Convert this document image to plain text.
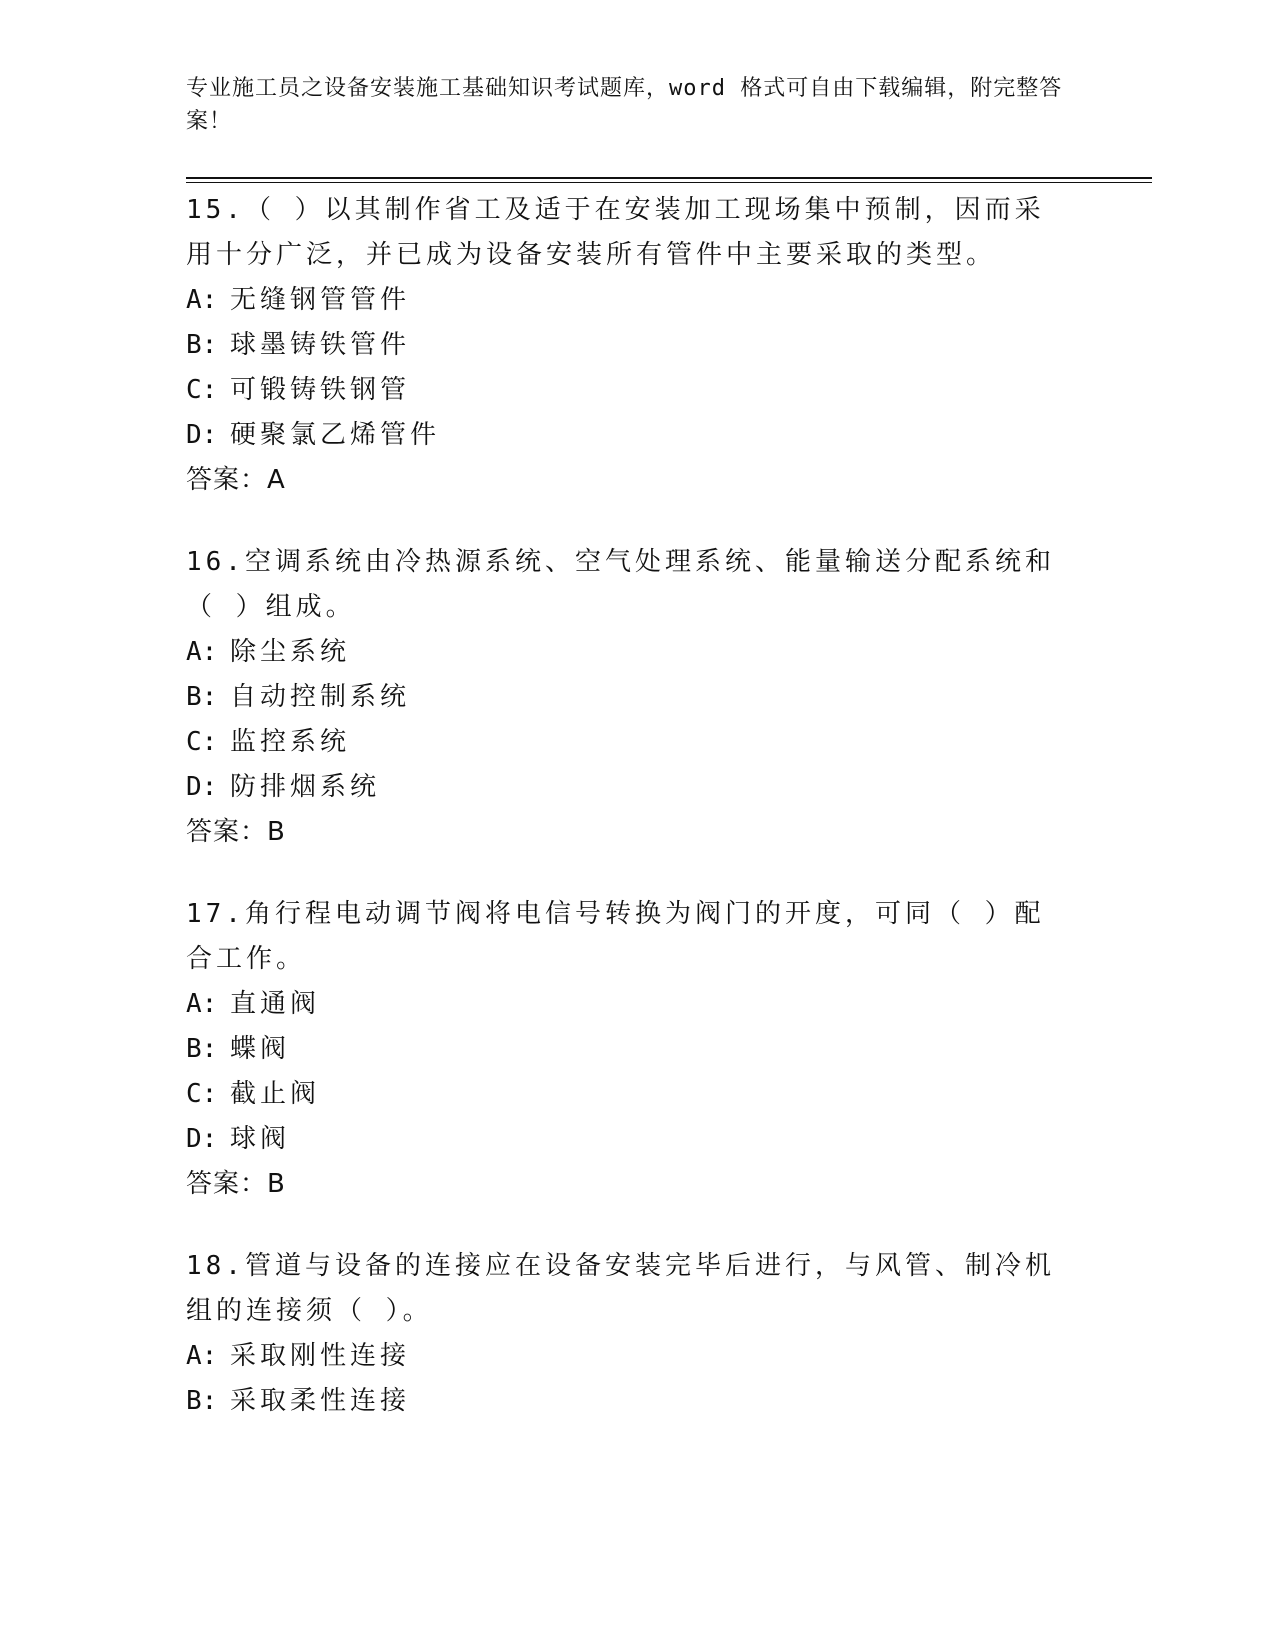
专业施工员之设备安装施工基础知识考试题库，word 格式可自由下载编辑，附完整答案！

15.（ ）以其制作省工及适于在安装加工现场集中预制，因而采用十分广泛，并已成为设备安装所有管件中主要采取的类型。

A: 无缝钢管管件

B: 球墨铸铁管件

C: 可锻铸铁钢管

D: 硬聚氯乙烯管件

答案：A

16.空调系统由冷热源系统、空气处理系统、能量输送分配系统和（ ）组成。

A: 除尘系统

B: 自动控制系统

C: 监控系统

D: 防排烟系统

答案：B

17.角行程电动调节阀将电信号转换为阀门的开度，可同（ ）配合工作。

A: 直通阀

B: 蝶阀

C: 截止阀

D: 球阀

答案：B

18.管道与设备的连接应在设备安装完毕后进行，与风管、制冷机组的连接须（ ）。

A: 采取刚性连接

B: 采取柔性连接
